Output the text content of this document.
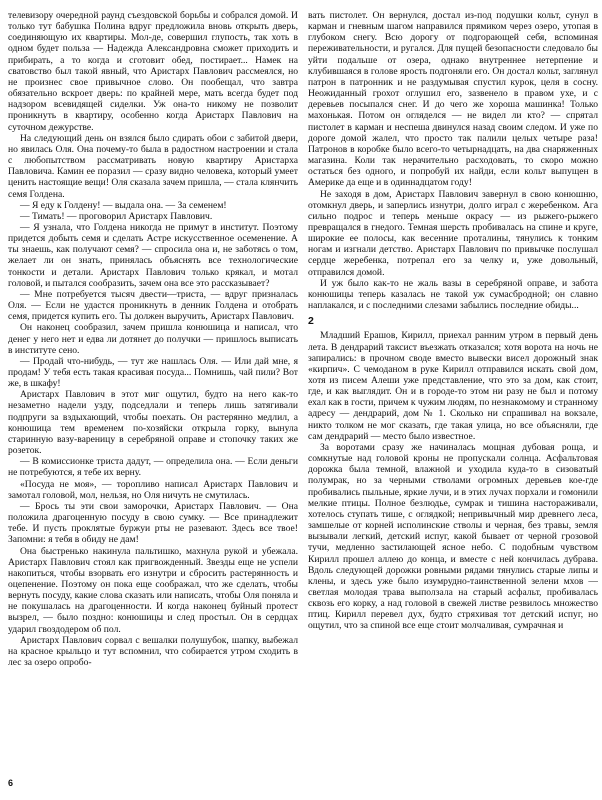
телевизору очередной раунд съездовской борьбы и собрался домой. И только тут бабушка Полина вдруг предложила вновь открыть дверь, соединяющую их квартиры. Мол-де, совершил глупость, так хоть в одном будет польза — Надежда Александровна сможет приходить и прибирать, а то когда и сготовит обед, постирает... Намек на сватовство был такой явный, что Аристарх Павлович рассмеялся, но не произнес свое привычное слово. Он пообещал, что завтра обязательно вскроет дверь: по крайней мере, мать всегда будет под надзором всевидящей сиделки. Уж она-то никому не позволит проникнуть в квартиру, особенно когда Аристарх Павлович на суточном дежурстве.

На следующий день он взялся было сдирать обои с забитой двери, но явилась Оля. Она почему-то была в радостном настроении и стала с любопытством рассматривать новую квартиру Аристарха Павловича. Камин ее поразил — сразу видно человека, который умеет ценить настоящие вещи! Оля сказала зачем пришла, — стала клянчить семя Голдена.

— Я еду к Голдену! — выдала она. — За семенем!

— Тимать! — проговорил Аристарх Павлович.

— Я узнала, что Голдена никогда не примут в институт. Поэтому придется добыть семя и сделать Астре искусственное осеменение. А ты знаешь, как получают семя? — спросила она и, не заботясь о том, желает ли он знать, принялась объяснять все технологические тонкости и детали. Аристарх Павлович только крякал, и мотал головой, и пытался сообразить, зачем она все это рассказывает?

— Мне потребуется тысяч двести—триста, — вдруг призналась Оля. — Если не удастся проникнуть в денник Голдена и отобрать семя, придется купить его. Ты должен выручить, Аристарх Павлович.

Он наконец сообразил, зачем пришла конюшица и написал, что денег у него нет и едва ли дотянет до получки — пришлось выписать в институте сено.

— Продай что-нибудь, — тут же нашлась Оля. — Или дай мне, я продам! У тебя есть такая красивая посуда... Помнишь, чай пили? Вот же, в шкафу!

Аристарх Павлович в этот миг ощутил, будто на него как-то незаметно надели узду, подседлали и теперь лишь затягивали подпруги за вздыхающий, чтобы поехать. Он растерянно медлил, а конюшица тем временем по-хозяйски открыла горку, вынула старинную вазу-вареницу в серебряной оправе и стопочку таких же розеток.

— В комиссионке триста дадут, — определила она. — Если деньги не потребуются, я тебе их верну.

«Посуда не моя», — торопливо написал Аристарх Павлович и замотал головой, мол, нельзя, но Оля ничуть не смутилась.

— Брось ты эти свои заморочки, Аристарх Павлович. — Она положила драгоценную посуду в свою сумку. — Все принадлежит тебе. И пусть проклятые буржуи рты не разевают. Здесь все твое! Запомни: я тебя в обиду не дам!

Она быстренько накинула пальтишко, махнула рукой и убежала. Аристарх Павлович стоял как пригвожденный. Звезды еще не успели накопиться, чтобы взорвать его изнутри и сбросить растерянность и оцепенение. Поэтому он пока еще соображал, что же сделать, чтобы вернуть посуду, какие слова сказать или написать, чтобы Оля поняла и не покушалась на драгоценности. И когда наконец буйный протест вызрел, — было поздно: конюшицы и след простыл. Он в сердцах ударил гвоздодером об пол.

Аристарх Павлович сорвал с вешалки полушубок, шапку, выбежал на красное крыльцо и тут вспомнил, что собирается утром сходить в лес за озеро опробо-

вать пистолет. Он вернулся, достал из-под подушки кольт, сунул в карман и гневным шагом направился прямиком через озеро, утопая в глубоком снегу. Всю дорогу от подгорающей себя, вспоминая переживательности, и ругался. Для пущей безопасности следовало бы уйти подальше от озера, однако внутреннее нетерпение и клубившаяся в голове ярость подгоняли его. Он достал кольт, заглянул патрон в патронник и не раздумывая спустил курок, целя в сосну. Неожиданный грохот оглушил его, зазвенело в правом ухе, и с деревьев посыпался снег. И до чего же хороша машинка! Только махонькая. Потом он огляделся — не видел ли кто? — спрятал пистолет в карман и неспеша двинулся назад своим следом. И уже по дороге домой жалел, что просто так палили целых четыре раза! Патронов в коробке было всего-то четырнадцать, на два снаряженных магазина. Коли так нерачительно расходовать, то скоро можно остаться без одного, и попробуй их найди, если кольт выпущен в Америке да еще и в одиннадцатом году!

Не заходя в дом, Аристарх Павлович завернул в свою конюшню, отомкнул дверь, и заперлись изнутри, долго играл с жеребенком. Ага сильно подрос и теперь меньше окрасу — из рыжего-рыжего превращался в гнедого. Темная шерсть пробивалась на спине и круге, широкие ее полосы, как весенние проталины, тянулись к тонким ногам и изгнали детство. Аристарх Павлович по привычке послушал сердце жеребенка, потрепал его за челку и, уже довольный, отправился домой.

И уж было как-то не жаль вазы в серебряной оправе, и забота конюшицы теперь казалась не такой уж сумасбродной; он славно наплакался, и с последними слезами забылись последние обиды...

2

Младший Ерашов, Кирилл, приехал ранним утром в первый день лета. В дендрарий таксист въезжать отказался; хотя ворота на ночь не запирались: в прочном своде вместо вывески висел дорожный знак «кирпич». С чемоданом в руке Кирилл отправился искать свой дом, хотя из писем Алеши уже представление, что это за дом, как стоит, где, и как выглядит. Он и в городе-то этом ни разу не был и потому ехал как в гости, причем к чужим людям, по незнакомому и странному адресу — дендрарий, дом № 1. Сколько ни спрашивал на вокзале, никто толком не мог сказать, где такая улица, но все объясняли, где сам дендрарий — место было известное.

За воротами сразу же начиналась мощная дубовая роща, и сомкнутые над головой кроны не пропускали солнца. Асфальтовая дорожка была темной, влажной и уходила куда-то в сизоватый полумрак, но за черными стволами огромных деревьев кое-где пробивались пыльные, яркие лучи, и в этих лучах порхали и гомонили мелкие птицы. Полное безлюдье, сумрак и тишина настораживали, хотелось ступать тише, с оглядкой; непривычный мир древнего леса, замшелые от корней исполинские стволы и черная, без травы, земля вызывали легкий, детский испуг, какой бывает от черной грозовой тучи, медленно застилающей ясное небо. С подобным чувством Кирилл прошел аллею до конца, и вместе с ней кончилась дубрава. Вдоль следующей дорожки ровными рядами тянулись старые липы и клены, и здесь уже было изумрудно-таинственной зелени мхов — светлая молодая трава выползала на старый асфальт, пробивалась сквозь его корку, а над головой в свежей листве резвилось множество птиц. Кирилл перевел дух, будто стряхивая тот детский испуг, но ощутил, что за спиной все еще стоит молчаливая, сумрачная и

6
